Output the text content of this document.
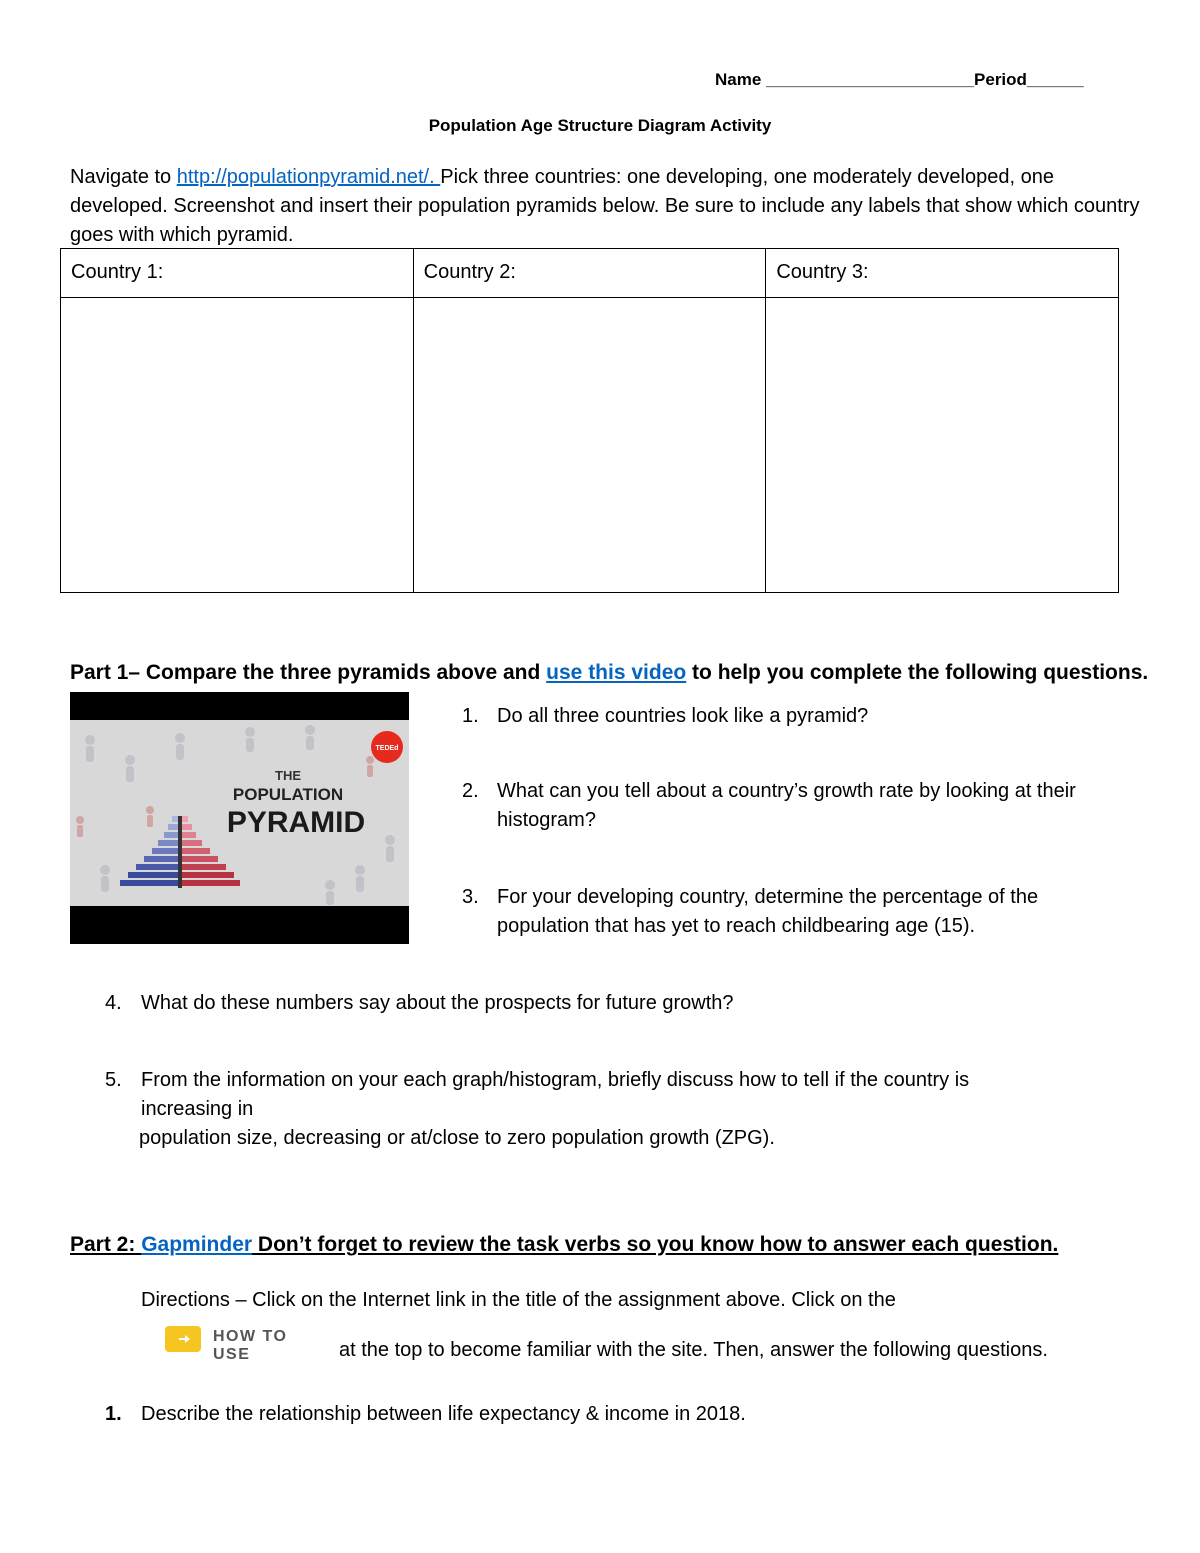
Name ______________________Period______
Population Age Structure Diagram Activity
Navigate to http://populationpyramid.net/. Pick three countries: one developing, one moderately developed, one developed. Screenshot and insert their population pyramids below. Be sure to include any labels that show which country goes with which pyramid.
Country 1:	Country 2:	Country 3:

Part 1– Compare the three pyramids above and use this video to help you complete the following questions.
THE
POPULATION
PYRAMID
TEDEd
1. Do all three countries look like a pyramid?
2. What can you tell about a country’s growth rate by looking at their histogram?
3. For your developing country, determine the percentage of the population that has yet to reach childbearing age (15).
4. What do these numbers say about the prospects for future growth?
5. From the information on your each graph/histogram, briefly discuss how to tell if the country is increasing in
population size, decreasing or at/close to zero population growth (ZPG).
Part 2: Gapminder Don’t forget to review the task verbs so you know how to answer each question.
Directions – Click on the Internet link in the title of the assignment above. Click on the
HOW TO USE	at the top to become familiar with the site. Then, answer the following questions.
1. Describe the relationship between life expectancy & income in 2018.
